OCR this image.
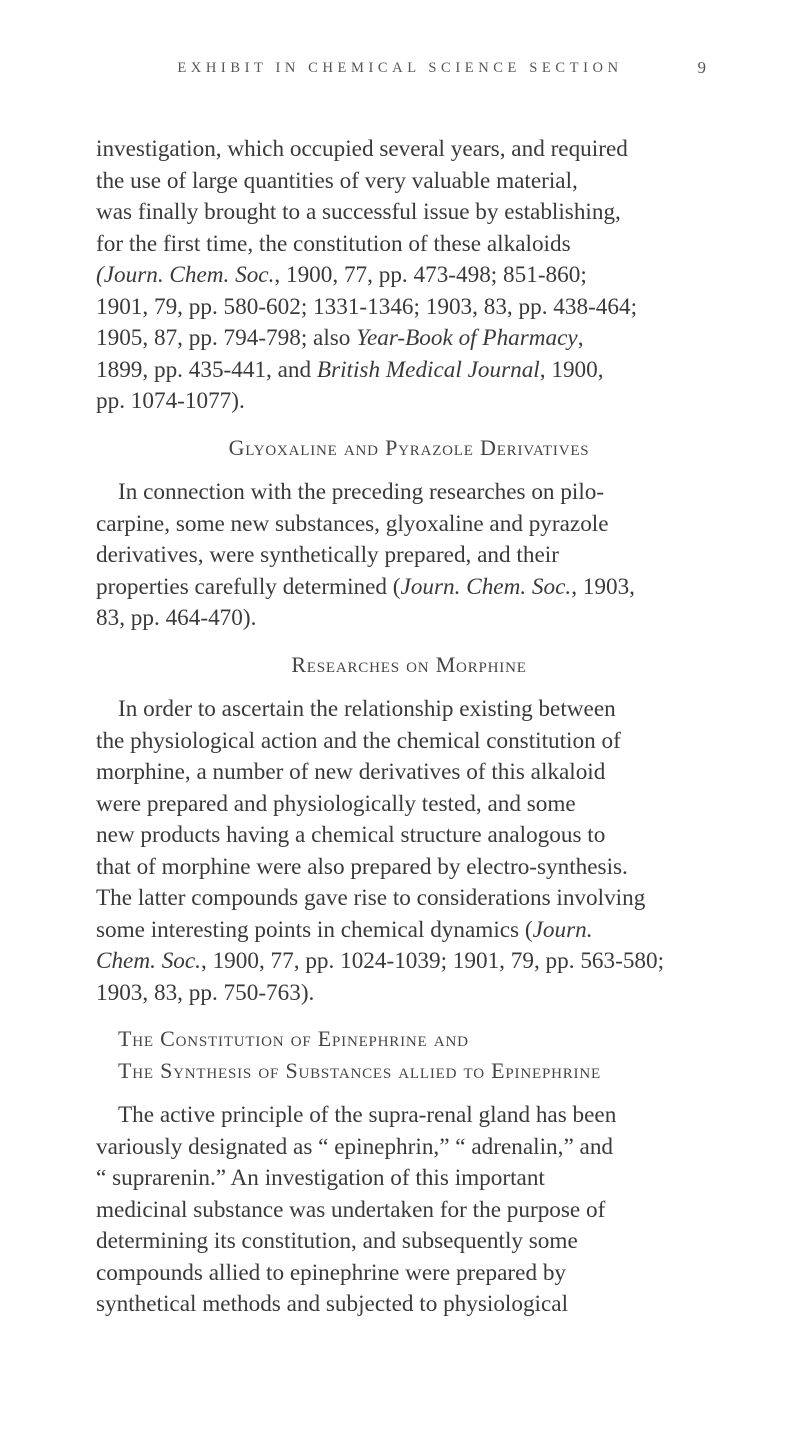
EXHIBIT IN CHEMICAL SCIENCE SECTION	9

investigation, which occupied several years, and required
the use of large quantities of very valuable material,
was finally brought to a successful issue by establishing,
for the first time, the constitution of these alkaloids
(Journ. Chem. Soc., 1900, 77, pp. 473-498; 851-860;
1901, 79, pp. 580-602; 1331-1346; 1903, 83, pp. 438-464;
1905, 87, pp. 794-798; also Year-Book of Pharmacy,
1899, pp. 435-441, and British Medical Journal, 1900,
pp. 1074-1077).

Glyoxaline and Pyrazole Derivatives

In connection with the preceding researches on pilo-
carpine, some new substances, glyoxaline and pyrazole
derivatives, were synthetically prepared, and their
properties carefully determined (Journ. Chem. Soc., 1903,
83, pp. 464-470).

Researches on Morphine

In order to ascertain the relationship existing between
the physiological action and the chemical constitution of
morphine, a number of new derivatives of this alkaloid
were prepared and physiologically tested, and some
new products having a chemical structure analogous to
that of morphine were also prepared by electro-synthesis.
The latter compounds gave rise to considerations involving
some interesting points in chemical dynamics (Journ.
Chem. Soc., 1900, 77, pp. 1024-1039; 1901, 79, pp. 563-580;
1903, 83, pp. 750-763).

The Constitution of Epinephrine and
The Synthesis of Substances allied to Epinephrine

The active principle of the supra-renal gland has been
variously designated as “ epinephrin,” “ adrenalin,” and
“ suprarenin.” An investigation of this important
medicinal substance was undertaken for the purpose of
determining its constitution, and subsequently some
compounds allied to epinephrine were prepared by
synthetical methods and subjected to physiological
